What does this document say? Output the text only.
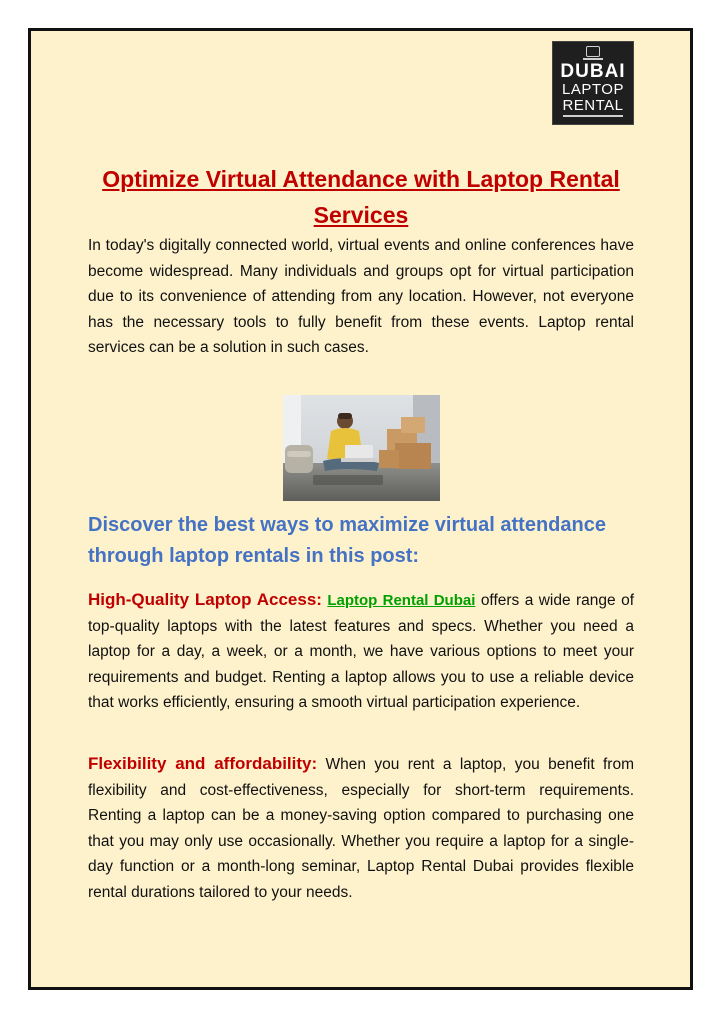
DUBAI
LAPTOP
RENTAL
Optimize Virtual Attendance with Laptop Rental Services

In today's digitally connected world, virtual events and online conferences have become widespread. Many individuals and groups opt for virtual participation due to its convenience of attending from any location. However, not everyone has the necessary tools to fully benefit from these events. Laptop rental services can be a solution in such cases.

Discover the best ways to maximize virtual attendance through laptop rentals in this post:

High-Quality Laptop Access: Laptop Rental Dubai offers a wide range of top-quality laptops with the latest features and specs. Whether you need a laptop for a day, a week, or a month, we have various options to meet your requirements and budget. Renting a laptop allows you to use a reliable device that works efficiently, ensuring a smooth virtual participation experience.

Flexibility and affordability: When you rent a laptop, you benefit from flexibility and cost-effectiveness, especially for short-term requirements. Renting a laptop can be a money-saving option compared to purchasing one that you may only use occasionally. Whether you require a laptop for a single-day function or a month-long seminar, Laptop Rental Dubai provides flexible rental durations tailored to your needs.
